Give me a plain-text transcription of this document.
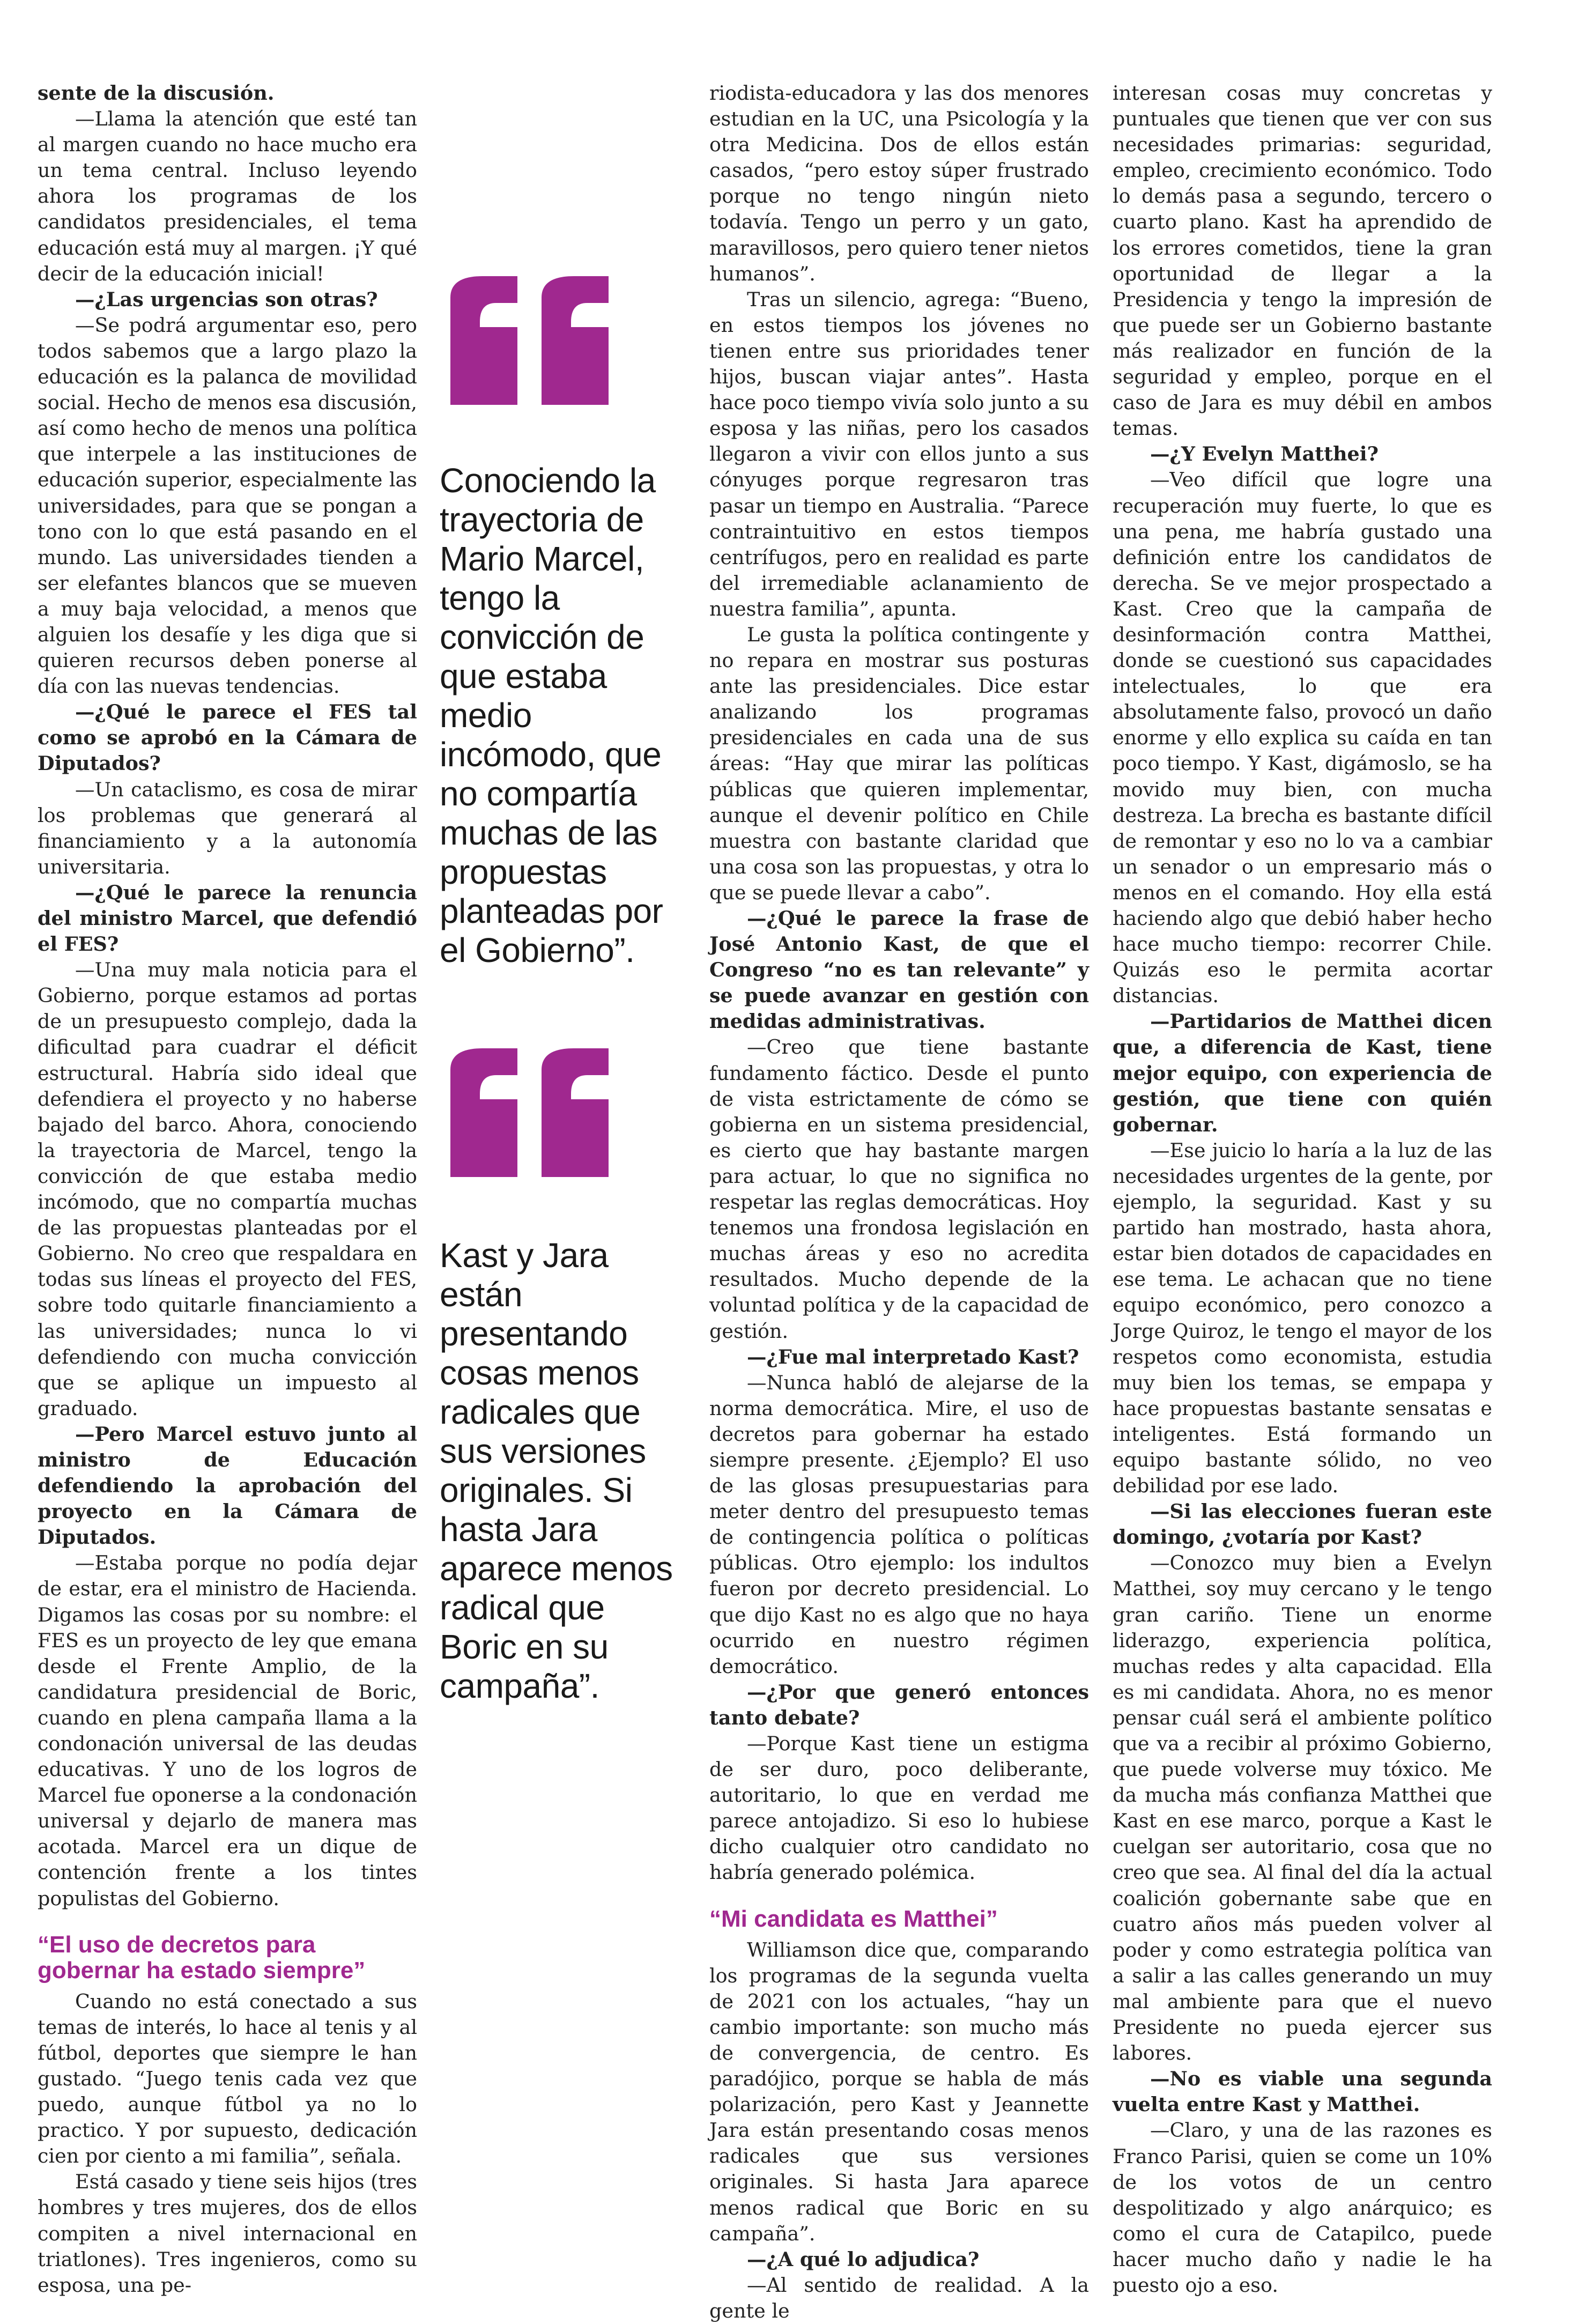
sente de la discusión.

—Llama la atención que esté tan al margen cuando no hace mucho era un tema central. Incluso leyendo ahora los programas de los candidatos presidenciales, el tema educación está muy al margen. ¡Y qué decir de la educación inicial!

—¿Las urgencias son otras?

—Se podrá argumentar eso, pero todos sabemos que a largo plazo la educación es la palanca de movilidad social. Hecho de menos esa discusión, así como hecho de menos una política que interpele a las instituciones de educación superior, especialmente las universidades, para que se pongan a tono con lo que está pasando en el mundo. Las universidades tienden a ser elefantes blancos que se mueven a muy baja velocidad, a menos que alguien los desafíe y les diga que si quieren recursos deben ponerse al día con las nuevas tendencias.

—¿Qué le parece el FES tal como se aprobó en la Cámara de Diputados?

—Un cataclismo, es cosa de mirar los problemas que generará al financiamiento y a la autonomía universitaria.

—¿Qué le parece la renuncia del ministro Marcel, que defendió el FES?

—Una muy mala noticia para el Gobierno, porque estamos ad portas de un presupuesto complejo, dada la dificultad para cuadrar el déficit estructural. Habría sido ideal que defendiera el proyecto y no haberse bajado del barco. Ahora, conociendo la trayectoria de Marcel, tengo la convicción de que estaba medio incómodo, que no compartía muchas de las propuestas planteadas por el Gobierno. No creo que respaldara en todas sus líneas el proyecto del FES, sobre todo quitarle financiamiento a las universidades; nunca lo vi defendiendo con mucha convicción que se aplique un impuesto al graduado.

—Pero Marcel estuvo junto al ministro de Educación defendiendo la aprobación del proyecto en la Cámara de Diputados.

—Estaba porque no podía dejar de estar, era el ministro de Hacienda. Digamos las cosas por su nombre: el FES es un proyecto de ley que emana desde el Frente Amplio, de la candidatura presidencial de Boric, cuando en plena campaña llama a la condonación universal de las deudas educativas. Y uno de los logros de Marcel fue oponerse a la condonación universal y dejarlo de manera mas acotada. Marcel era un dique de contención frente a los tintes populistas del Gobierno.

“El uso de decretos para gobernar ha estado siempre”

Cuando no está conectado a sus temas de interés, lo hace al tenis y al fútbol, deportes que siempre le han gustado. “Juego tenis cada vez que puedo, aunque fútbol ya no lo practico. Y por supuesto, dedicación cien por ciento a mi familia”, señala.

Está casado y tiene seis hijos (tres hombres y tres mujeres, dos de ellos compiten a nivel internacional en triatlones). Tres ingenieros, como su esposa, una pe-

Conociendo la trayectoria de Mario Marcel, tengo la convicción de que estaba medio incómodo, que no compartía muchas de las propuestas planteadas por el Gobierno”.

Kast y Jara están presentando cosas menos radicales que sus versiones originales. Si hasta Jara aparece menos radical que Boric en su campaña”.

riodista-educadora y las dos menores estudian en la UC, una Psicología y la otra Medicina. Dos de ellos están casados, “pero estoy súper frustrado porque no tengo ningún nieto todavía. Tengo un perro y un gato, maravillosos, pero quiero tener nietos humanos”.

Tras un silencio, agrega: “Bueno, en estos tiempos los jóvenes no tienen entre sus prioridades tener hijos, buscan viajar antes”. Hasta hace poco tiempo vivía solo junto a su esposa y las niñas, pero los casados llegaron a vivir con ellos junto a sus cónyuges porque regresaron tras pasar un tiempo en Australia. “Parece contraintuitivo en estos tiempos centrífugos, pero en realidad es parte del irremediable aclanamiento de nuestra familia”, apunta.

Le gusta la política contingente y no repara en mostrar sus posturas ante las presidenciales. Dice estar analizando los programas presidenciales en cada una de sus áreas: “Hay que mirar las políticas públicas que quieren implementar, aunque el devenir político en Chile muestra con bastante claridad que una cosa son las propuestas, y otra lo que se puede llevar a cabo”.

—¿Qué le parece la frase de José Antonio Kast, de que el Congreso “no es tan relevante” y se puede avanzar en gestión con medidas administrativas.

—Creo que tiene bastante fundamento fáctico. Desde el punto de vista estrictamente de cómo se gobierna en un sistema presidencial, es cierto que hay bastante margen para actuar, lo que no significa no respetar las reglas democráticas. Hoy tenemos una frondosa legislación en muchas áreas y eso no acredita resultados. Mucho depende de la voluntad política y de la capacidad de gestión.

—¿Fue mal interpretado Kast?

—Nunca habló de alejarse de la norma democrática. Mire, el uso de decretos para gobernar ha estado siempre presente. ¿Ejemplo? El uso de las glosas presupuestarias para meter dentro del presupuesto temas de contingencia política o políticas públicas. Otro ejemplo: los indultos fueron por decreto presidencial. Lo que dijo Kast no es algo que no haya ocurrido en nuestro régimen democrático.

—¿Por que generó entonces tanto debate?

—Porque Kast tiene un estigma de ser duro, poco deliberante, autoritario, lo que en verdad me parece antojadizo. Si eso lo hubiese dicho cualquier otro candidato no habría generado polémica.

“Mi candidata es Matthei”

Williamson dice que, comparando los programas de la segunda vuelta de 2021 con los actuales, “hay un cambio importante: son mucho más de convergencia, de centro. Es paradójico, porque se habla de más polarización, pero Kast y Jeannette Jara están presentando cosas menos radicales que sus versiones originales. Si hasta Jara aparece menos radical que Boric en su campaña”.

—¿A qué lo adjudica?

—Al sentido de realidad. A la gente le

interesan cosas muy concretas y puntuales que tienen que ver con sus necesidades primarias: seguridad, empleo, crecimiento económico. Todo lo demás pasa a segundo, tercero o cuarto plano. Kast ha aprendido de los errores cometidos, tiene la gran oportunidad de llegar a la Presidencia y tengo la impresión de que puede ser un Gobierno bastante más realizador en función de la seguridad y empleo, porque en el caso de Jara es muy débil en ambos temas.

—¿Y Evelyn Matthei?

—Veo difícil que logre una recuperación muy fuerte, lo que es una pena, me habría gustado una definición entre los candidatos de derecha. Se ve mejor prospectado a Kast. Creo que la campaña de desinformación contra Matthei, donde se cuestionó sus capacidades intelectuales, lo que era absolutamente falso, provocó un daño enorme y ello explica su caída en tan poco tiempo. Y Kast, digámoslo, se ha movido muy bien, con mucha destreza. La brecha es bastante difícil de remontar y eso no lo va a cambiar un senador o un empresario más o menos en el comando. Hoy ella está haciendo algo que debió haber hecho hace mucho tiempo: recorrer Chile. Quizás eso le permita acortar distancias.

—Partidarios de Matthei dicen que, a diferencia de Kast, tiene mejor equipo, con experiencia de gestión, que tiene con quién gobernar.

—Ese juicio lo haría a la luz de las necesidades urgentes de la gente, por ejemplo, la seguridad. Kast y su partido han mostrado, hasta ahora, estar bien dotados de capacidades en ese tema. Le achacan que no tiene equipo económico, pero conozco a Jorge Quiroz, le tengo el mayor de los respetos como economista, estudia muy bien los temas, se empapa y hace propuestas bastante sensatas e inteligentes. Está formando un equipo bastante sólido, no veo debilidad por ese lado.

—Si las elecciones fueran este domingo, ¿votaría por Kast?

—Conozco muy bien a Evelyn Matthei, soy muy cercano y le tengo gran cariño. Tiene un enorme liderazgo, experiencia política, muchas redes y alta capacidad. Ella es mi candidata. Ahora, no es menor pensar cuál será el ambiente político que va a recibir al próximo Gobierno, que puede volverse muy tóxico. Me da mucha más confianza Matthei que Kast en ese marco, porque a Kast le cuelgan ser autoritario, cosa que no creo que sea. Al final del día la actual coalición gobernante sabe que en cuatro años más pueden volver al poder y como estrategia política van a salir a las calles generando un muy mal ambiente para que el nuevo Presidente no pueda ejercer sus labores.

—No es viable una segunda vuelta entre Kast y Matthei.

—Claro, y una de las razones es Franco Parisi, quien se come un 10% de los votos de un centro despolitizado y algo anárquico; es como el cura de Catapilco, puede hacer mucho daño y nadie le ha puesto ojo a eso.
